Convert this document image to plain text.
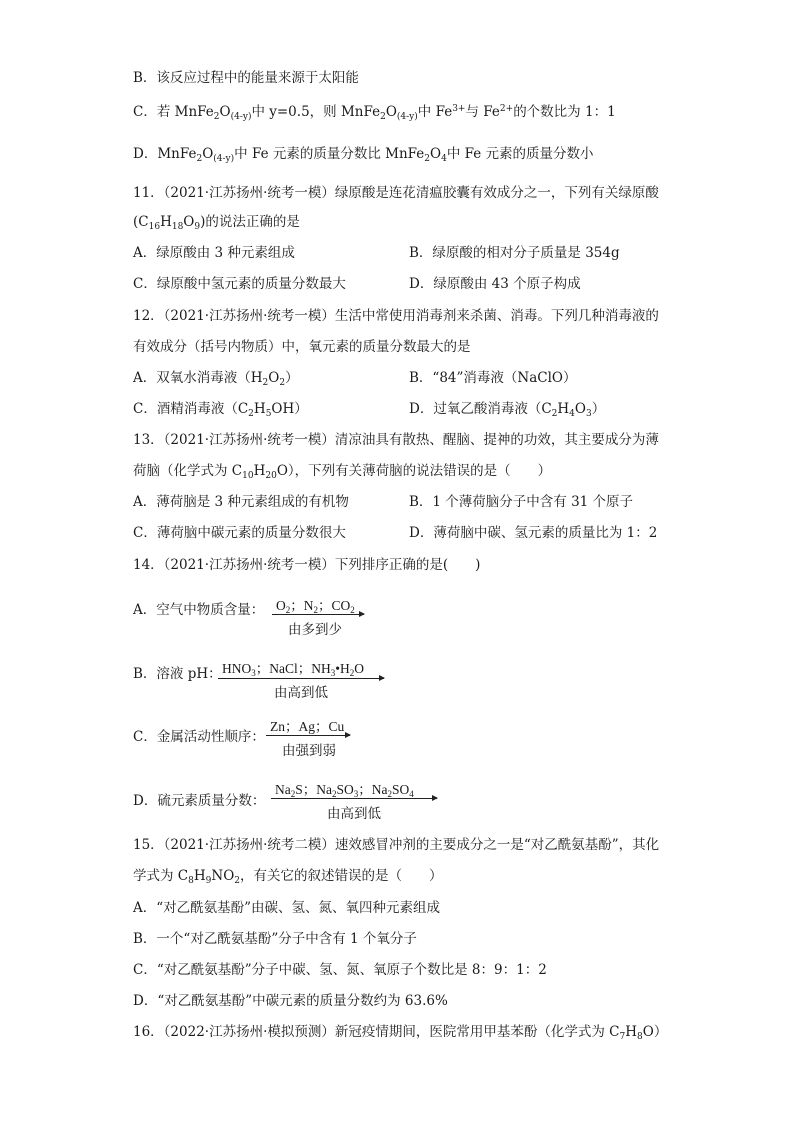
B．该反应过程中的能量来源于太阳能
C．若 $MnFe_2O_{(4-y)}$中 y=0.5，则 $MnFe_2O_{(4-y)}$中 $Fe^{3+}$与 $Fe^{2+}$的个数比为 1：1
D．$MnFe_2O_{(4-y)}$中 Fe 元素的质量分数比 $MnFe_2O_4$中 Fe 元素的质量分数小
11．（2021·江苏扬州·统考一模）绿原酸是连花清瘟胶囊有效成分之一，下列有关绿原酸
$(C_{16}H_{18}O_9)$的说法正确的是
A．绿原酸由 3 种元素组成	B．绿原酸的相对分子质量是 354g
C．绿原酸中氢元素的质量分数最大	D．绿原酸由 43 个原子构成
12．（2021·江苏扬州·统考一模）生活中常使用消毒剂来杀菌、消毒。下列几种消毒液的
有效成分（括号内物质）中，氧元素的质量分数最大的是
A．双氧水消毒液$(H_2O_2)$	B．“84”消毒液（NaClO）
C．酒精消毒液$(C_2H_5OH)$	D．过氧乙酸消毒液$(C_2H_4O_3)$
13．（2021·江苏扬州·统考一模）清凉油具有散热、醒脑、提神的功效，其主要成分为薄
荷脑（化学式为 $C_{10}H_{20}O$），下列有关薄荷脑的说法错误的是（　　）
A．薄荷脑是 3 种元素组成的有机物	B．1 个薄荷脑分子中含有 31 个原子
C．薄荷脑中碳元素的质量分数很大	D．薄荷脑中碳、氢元素的质量比为 1：2
14．（2021·江苏扬州·统考一模）下列排序正确的是(　　)
A．空气中物质含量： $O_2$；$N_2$；$CO_2$
由多到少
B．溶液 pH： $HNO_3$；NaCl；$NH_3•H_2O$
由高到低
C．金属活动性顺序：
Zn；Ag；Cu
由强到弱
D．硫元素质量分数：
$Na_2S$；$Na_2SO_3$；$Na_2SO_4$
由高到低
15．（2021·江苏扬州·统考二模）速效感冒冲剂的主要成分之一是“对乙酰氨基酚”，其化
学式为 $C_8H_9NO_2$，有关它的叙述错误的是（　　）
A．“对乙酰氨基酚”由碳、氢、氮、氧四种元素组成
B．一个“对乙酰氨基酚”分子中含有 1 个氧分子
C．“对乙酰氨基酚”分子中碳、氢、氮、氧原子个数比是 8：9：1：2
D．“对乙酰氨基酚”中碳元素的质量分数约为 63.6%
16．（2022·江苏扬州·模拟预测）新冠疫情期间，医院常用甲基苯酚（化学式为 $C_7H_8O$）
